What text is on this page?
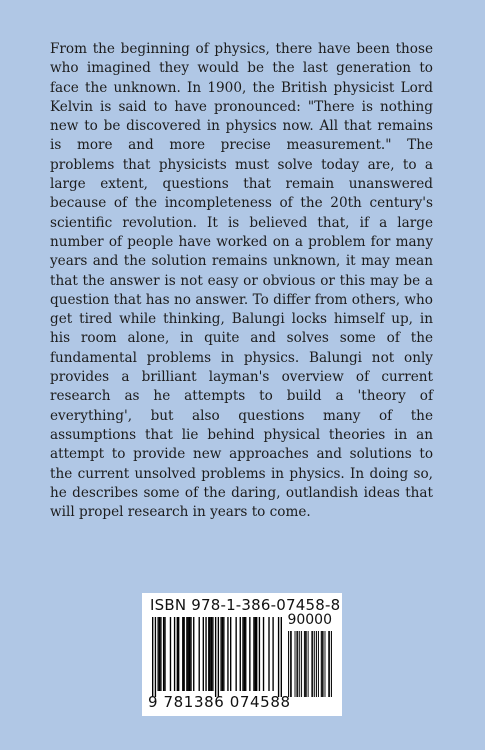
From the beginning of physics, there have been those who imagined they would be the last generation to face the unknown. In 1900, the British physicist Lord Kelvin is said to have pronounced: "There is nothing new to be discovered in physics now. All that remains is more and more precise measurement." The problems that physicists must solve today are, to a large extent, questions that remain unanswered because of the incompleteness of the 20th century's scientific revolution. It is believed that, if a large number of people have worked on a problem for many years and the solution remains unknown, it may mean that the answer is not easy or obvious or this may be a question that has no answer. To differ from others, who get tired while thinking, Balungi locks himself up, in his room alone, in quite and solves some of the fundamental problems in physics. Balungi not only provides a brilliant layman's overview of current research as he attempts to build a 'theory of everything', but also questions many of the assumptions that lie behind physical theories in an attempt to provide new approaches and solutions to the current unsolved problems in physics. In doing so, he describes some of the daring, outlandish ideas that will propel research in years to come.

ISBN 978-1-386-07458-8
90000
9 781386 074588
